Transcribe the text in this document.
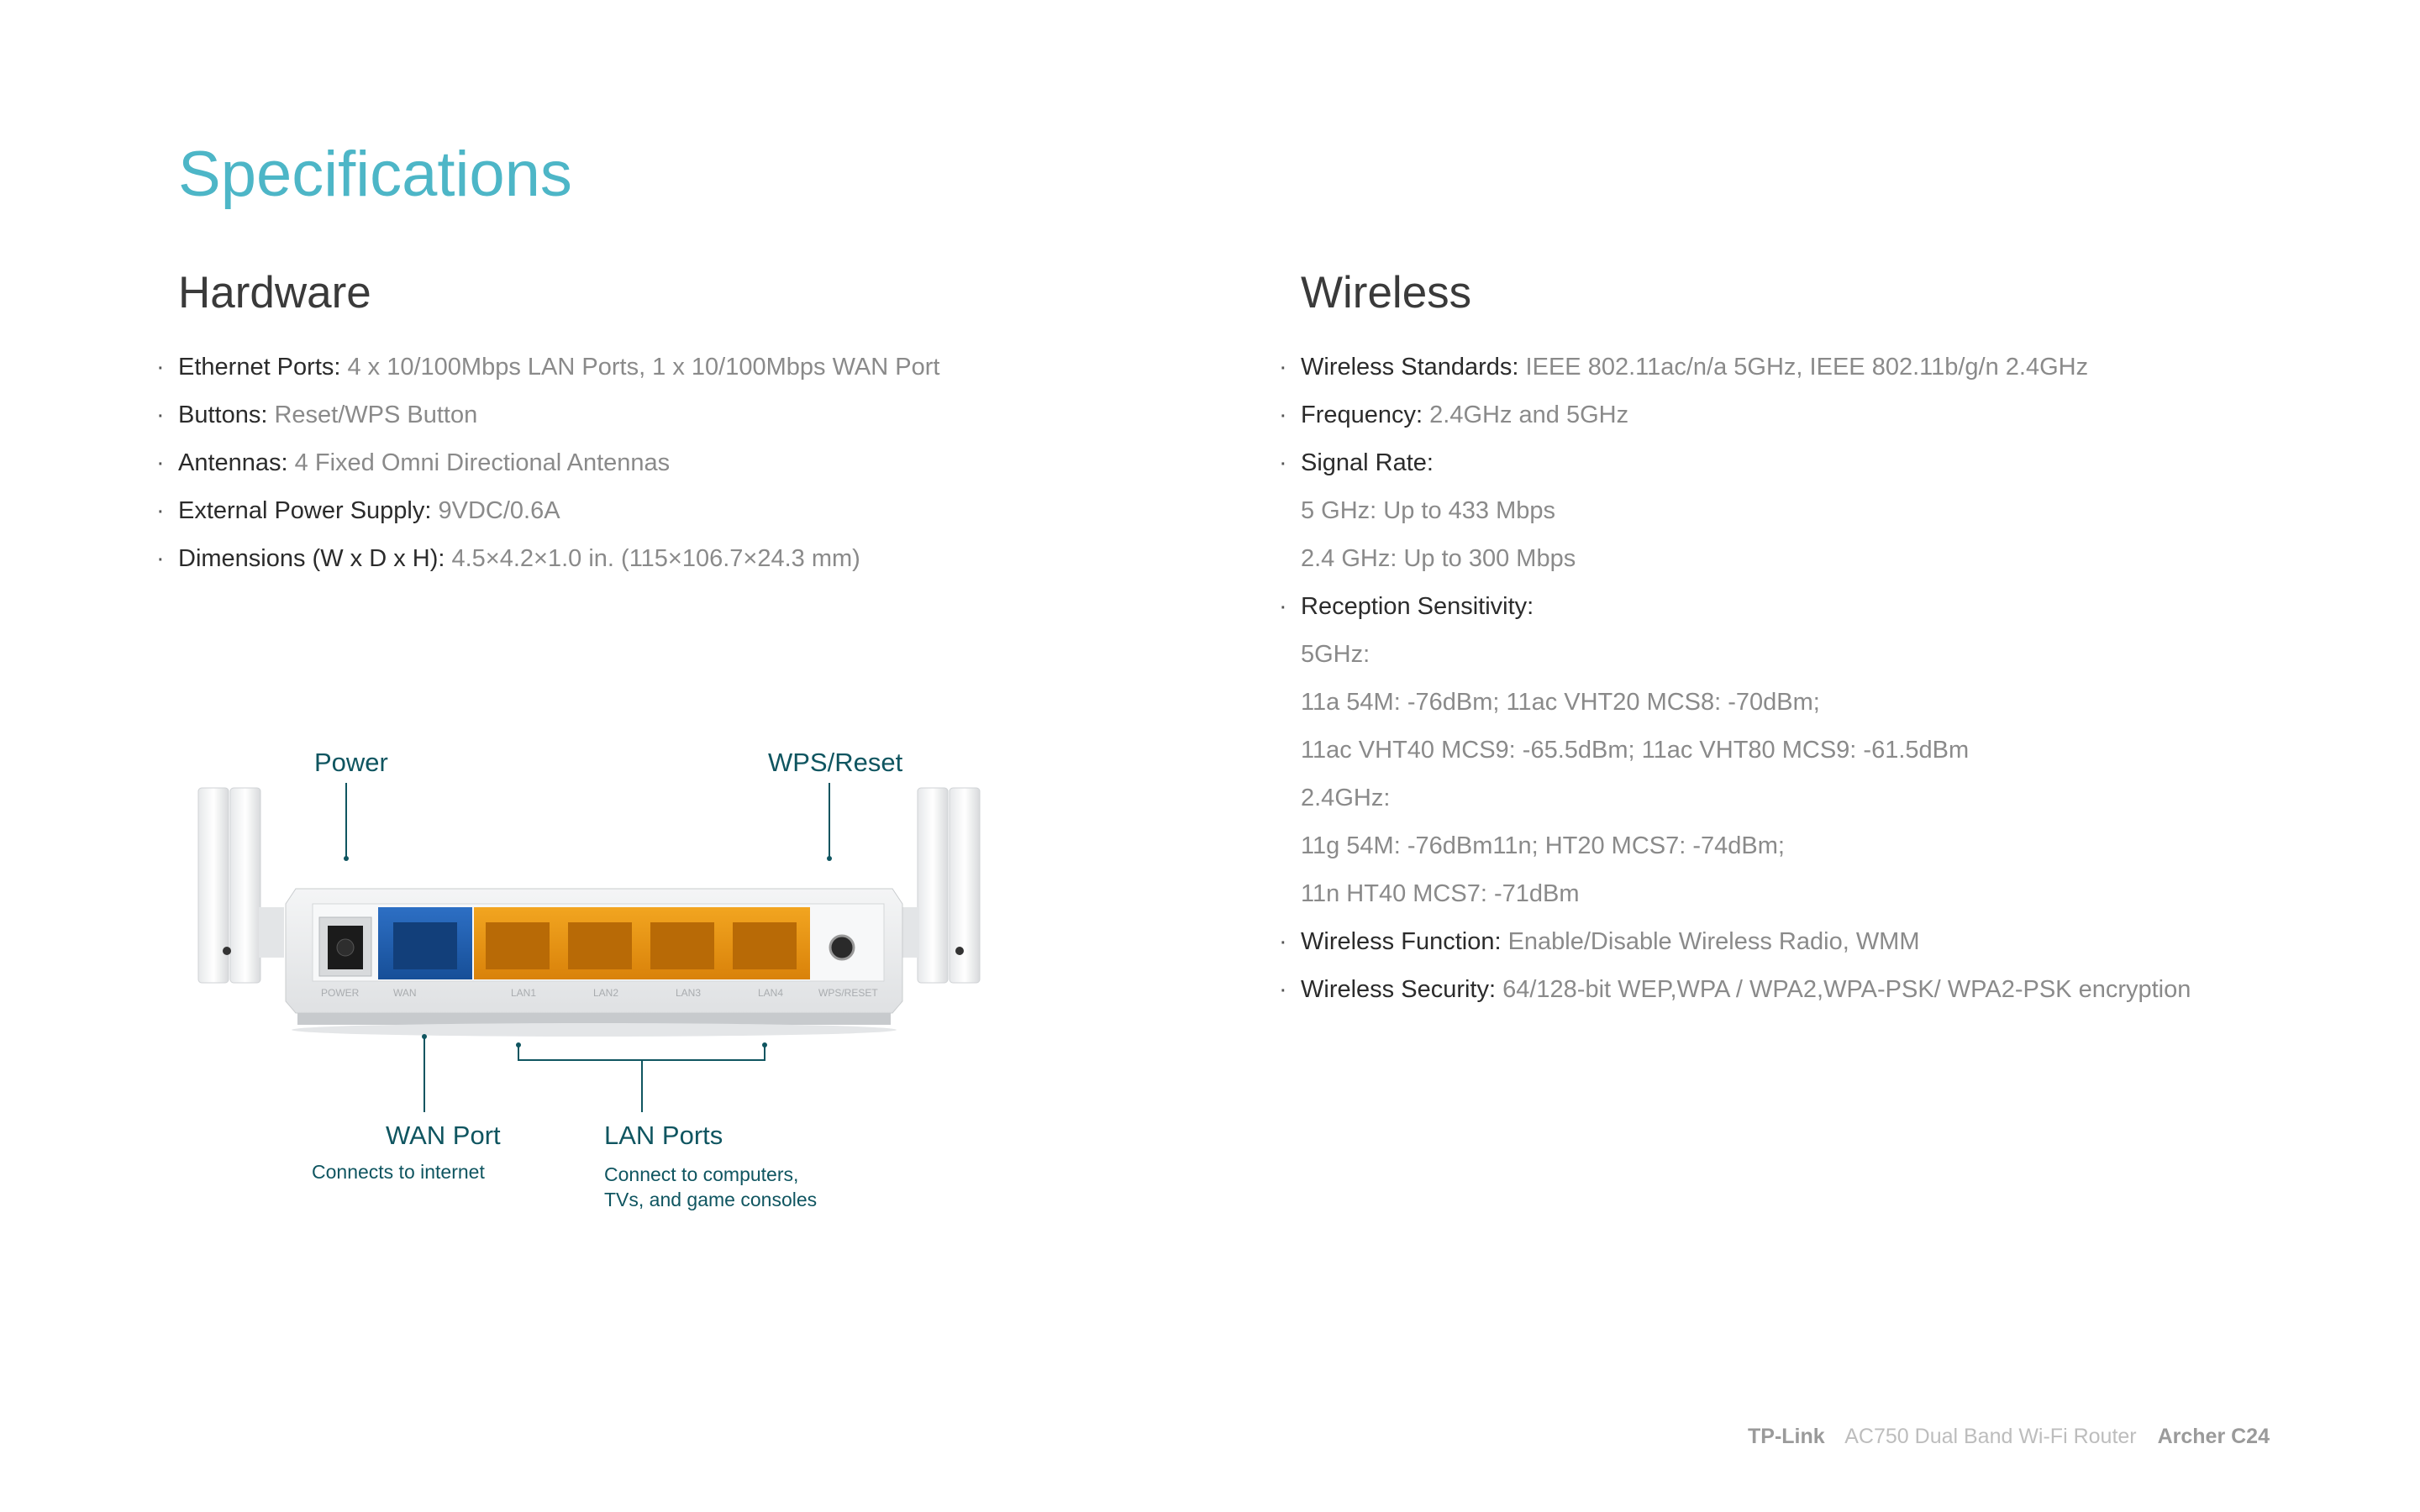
Specifications
Hardware
· Ethernet Ports: 4 x 10/100Mbps LAN Ports, 1 x 10/100Mbps WAN Port
· Buttons: Reset/WPS Button
· Antennas: 4 Fixed Omni Directional Antennas
· External Power Supply: 9VDC/0.6A
· Dimensions (W x D x H): 4.5×4.2×1.0 in. (115×106.7×24.3 mm)
Wireless
· Wireless Standards: IEEE 802.11ac/n/a 5GHz, IEEE 802.11b/g/n 2.4GHz
· Frequency: 2.4GHz and 5GHz
· Signal Rate:
5 GHz: Up to 433 Mbps
2.4 GHz: Up to 300 Mbps
· Reception Sensitivity:
5GHz:
11a 54M: -76dBm; 11ac VHT20 MCS8: -70dBm;
11ac VHT40 MCS9: -65.5dBm; 11ac VHT80 MCS9: -61.5dBm
2.4GHz:
11g 54M: -76dBm11n; HT20 MCS7: -74dBm;
11n HT40 MCS7: -71dBm
· Wireless Function: Enable/Disable Wireless Radio, WMM
· Wireless Security: 64/128-bit WEP,WPA / WPA2,WPA-PSK/ WPA2-PSK encryption
POWER	WAN	LAN1	LAN2	LAN3	LAN4	WPS/RESET
Power	WPS/Reset
WAN Port
Connects to internet
LAN Ports
Connect to computers,
TVs, and game consoles
TP-Link AC750 Dual Band Wi-Fi Router Archer C24
